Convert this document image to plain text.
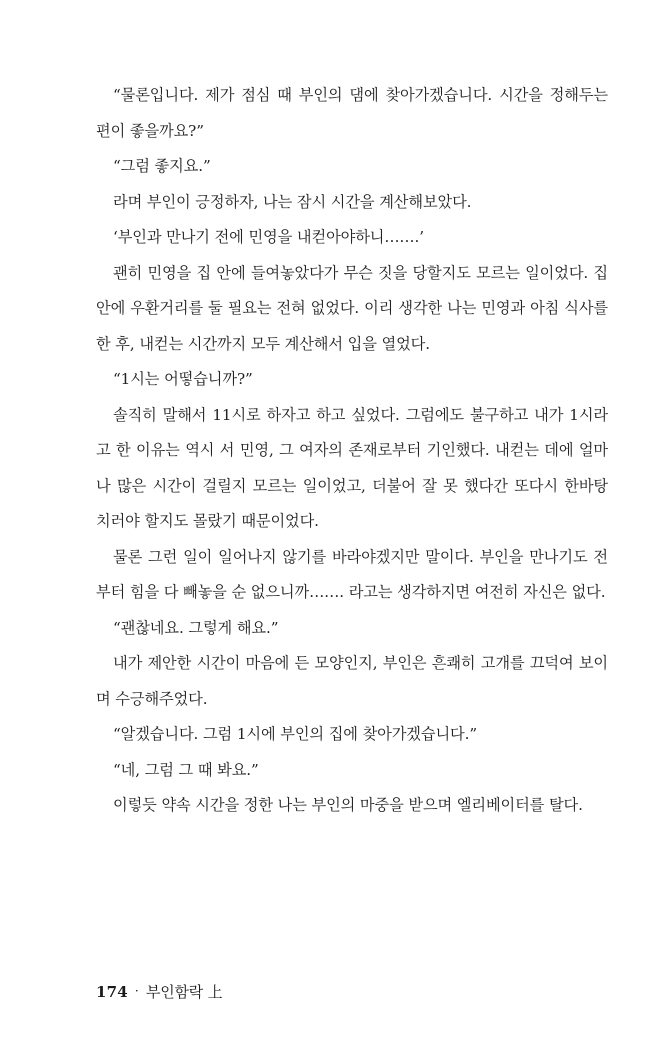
“물론입니다. 제가 점심 때 부인의 댐에 찾아가겠습니다. 시간을 정해두는 편이 좋을까요?”

“그럼 좋지요.”

라며 부인이 긍정하자, 나는 잠시 시간을 계산해보았다.

‘부인과 만나기 전에 민영을 내컫아야하니…….’

괜히 민영을 집 안에 들여놓았다가 무슨 짓을 당할지도 모르는 일이었다. 집 안에 우환거리를 둘 필요는 전혀 없었다. 이리 생각한 나는 민영과 아침 식사를 한 후, 내컫는 시간까지 모두 계산해서 입을 열었다.

“1시는 어떻습니까?”

솔직히 말해서 11시로 하자고 하고 싶었다. 그럼에도 불구하고 내가 1시라고 한 이유는 역시 서 민영, 그 여자의 존재로부터 기인했다. 내컫는 데에 얼마나 많은 시간이 걸릴지 모르는 일이었고, 더불어 잘 못 했다간 또다시 한바탕 치러야 할지도 몰랐기 때문이었다.

물론 그런 일이 일어나지 않기를 바라야겠지만 말이다. 부인을 만나기도 전부터 힘을 다 빼놓을 순 없으니까……. 라고는 생각하지면 여전히 자신은 없다.

“괜찮네요. 그렇게 해요.”

내가 제안한 시간이 마음에 든 모양인지, 부인은 흔쾌히 고개를 끄덕여 보이며 수긍해주었다.

“알겠습니다. 그럼 1시에 부인의 집에 찾아가겠습니다.”

“네, 그럼 그 때 봐요.”

이렇듯 약속 시간을 정한 나는 부인의 마중을 받으며 엘리베이터를 탈다.

174 · 부인함락 上
